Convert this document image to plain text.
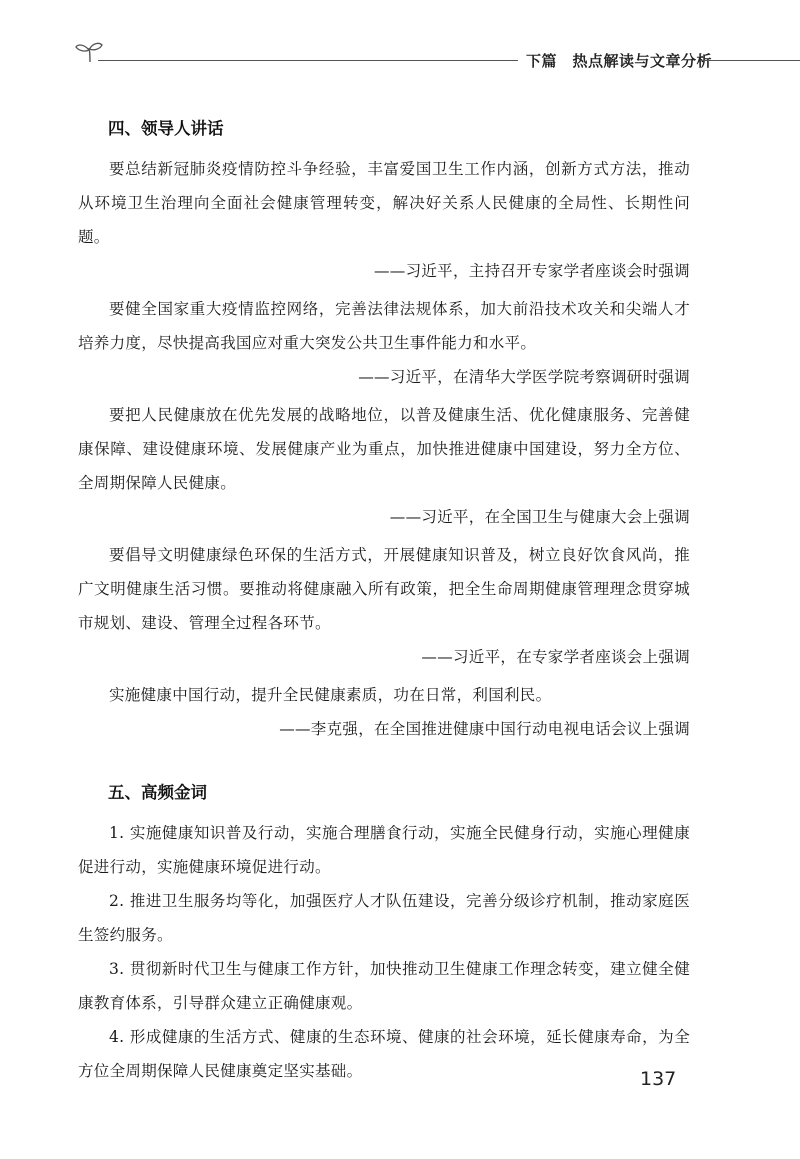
下篇　热点解读与文章分析
四、领导人讲话

要总结新冠肺炎疫情防控斗争经验，丰富爱国卫生工作内涵，创新方式方法，推动从环境卫生治理向全面社会健康管理转变，解决好关系人民健康的全局性、长期性问题。

——习近平，主持召开专家学者座谈会时强调

要健全国家重大疫情监控网络，完善法律法规体系，加大前沿技术攻关和尖端人才培养力度，尽快提高我国应对重大突发公共卫生事件能力和水平。

——习近平，在清华大学医学院考察调研时强调

要把人民健康放在优先发展的战略地位，以普及健康生活、优化健康服务、完善健康保障、建设健康环境、发展健康产业为重点，加快推进健康中国建设，努力全方位、全周期保障人民健康。

——习近平，在全国卫生与健康大会上强调

要倡导文明健康绿色环保的生活方式，开展健康知识普及，树立良好饮食风尚，推广文明健康生活习惯。要推动将健康融入所有政策，把全生命周期健康管理理念贯穿城市规划、建设、管理全过程各环节。

——习近平，在专家学者座谈会上强调

实施健康中国行动，提升全民健康素质，功在日常，利国利民。

——李克强，在全国推进健康中国行动电视电话会议上强调

五、高频金词

1. 实施健康知识普及行动，实施合理膳食行动，实施全民健身行动，实施心理健康促进行动，实施健康环境促进行动。

2. 推进卫生服务均等化，加强医疗人才队伍建设，完善分级诊疗机制，推动家庭医生签约服务。

3. 贯彻新时代卫生与健康工作方针，加快推动卫生健康工作理念转变，建立健全健康教育体系，引导群众建立正确健康观。

4. 形成健康的生活方式、健康的生态环境、健康的社会环境，延长健康寿命，为全方位全周期保障人民健康奠定坚实基础。	137
